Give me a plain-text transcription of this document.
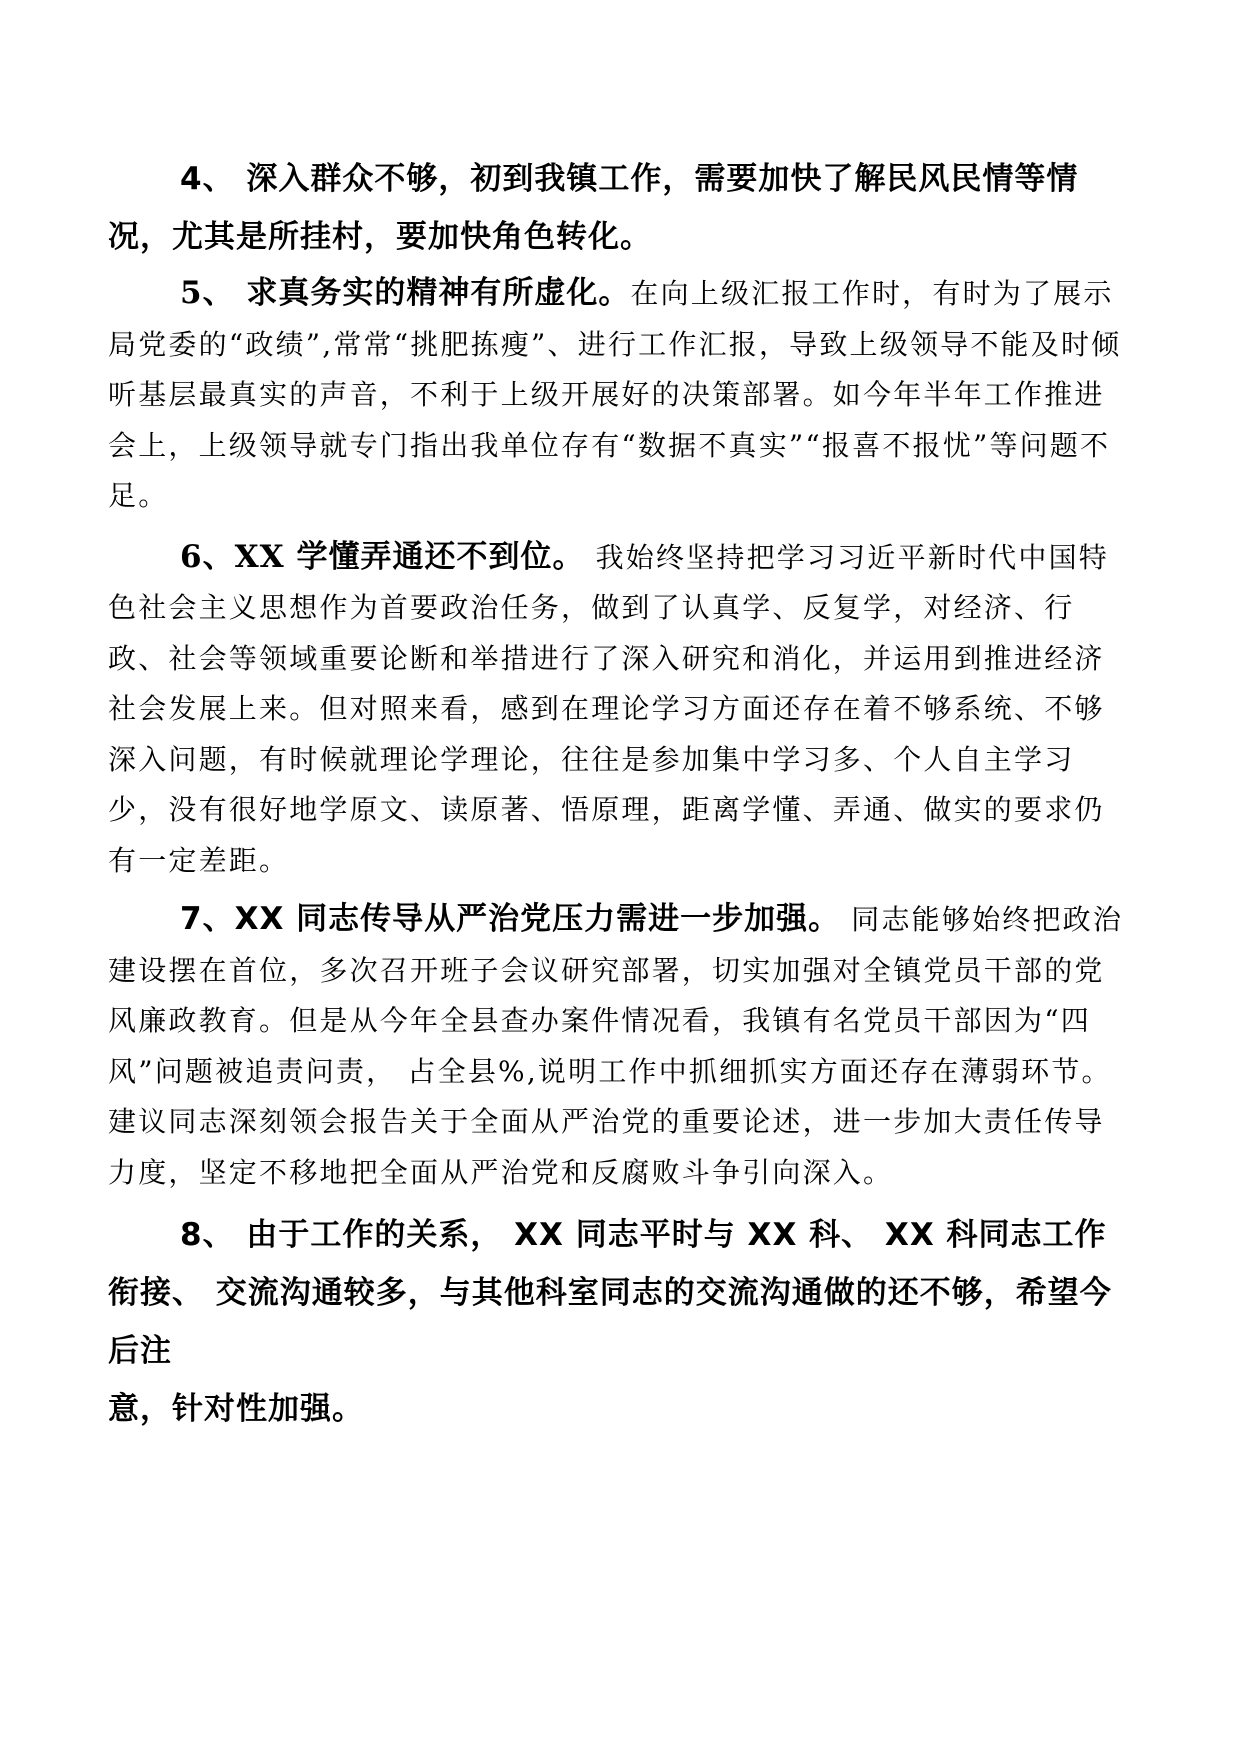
4、 深入群众不够，初到我镇工作，需要加快了解民风民情等情况，尤其是所挂村，要加快角色转化。

5、 求真务实的精神有所虚化。在向上级汇报工作时，有时为了展示局党委的“政绩”,常常“挑肥拣瘦”、进行工作汇报，导致上级领导不能及时倾听基层最真实的声音，不利于上级开展好的决策部署。如今年半年工作推进会上，上级领导就专门指出我单位存有“数据不真实”“报喜不报忧”等问题不足。

6、XX 学懂弄通还不到位。 我始终坚持把学习习近平新时代中国特色社会主义思想作为首要政治任务，做到了认真学、反复学，对经济、行政、社会等领域重要论断和举措进行了深入研究和消化，并运用到推进经济社会发展上来。但对照来看，感到在理论学习方面还存在着不够系统、不够深入问题，有时候就理论学理论，往往是参加集中学习多、个人自主学习少，没有很好地学原文、读原著、悟原理，距离学懂、弄通、做实的要求仍有一定差距。

7、XX 同志传导从严治党压力需进一步加强。 同志能够始终把政治建设摆在首位，多次召开班子会议研究部署，切实加强对全镇党员干部的党风廉政教育。但是从今年全县查办案件情况看，我镇有名党员干部因为“四风”问题被追责问责， 占全县%,说明工作中抓细抓实方面还存在薄弱环节。建议同志深刻领会报告关于全面从严治党的重要论述，进一步加大责任传导力度，坚定不移地把全面从严治党和反腐败斗争引向深入。

8、 由于工作的关系， XX 同志平时与 XX 科、 XX 科同志工作衔接、 交流沟通较多，与其他科室同志的交流沟通做的还不够，希望今后注
意，针对性加强。
